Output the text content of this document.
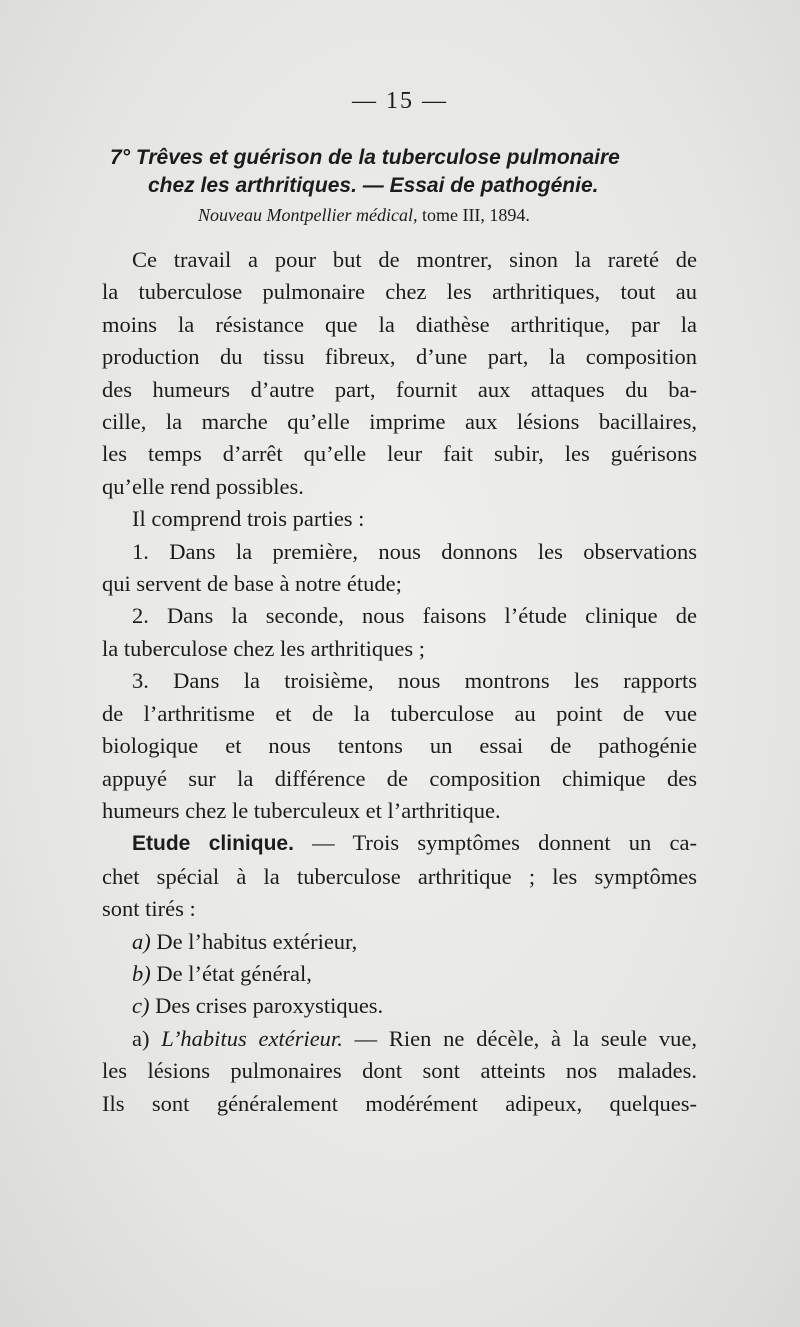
— 15 —
7° Trêves et guérison de la tuberculose pulmonaire
chez les arthritiques. — Essai de pathogénie.
Nouveau Montpellier médical, tome III, 1894.

Ce travail a pour but de montrer, sinon la rareté de

la tuberculose pulmonaire chez les arthritiques, tout au

moins la résistance que la diathèse arthritique, par la

production du tissu fibreux, d’une part, la composition

des humeurs d’autre part, fournit aux attaques du ba-

cille, la marche qu’elle imprime aux lésions bacillaires,

les temps d’arrêt qu’elle leur fait subir, les guérisons

qu’elle rend possibles.

Il comprend trois parties :

1. Dans la première, nous donnons les observations

qui servent de base à notre étude;

2. Dans la seconde, nous faisons l’étude clinique de

la tuberculose chez les arthritiques ;

3. Dans la troisième, nous montrons les rapports

de l’arthritisme et de la tuberculose au point de vue

biologique et nous tentons un essai de pathogénie

appuyé sur la différence de composition chimique des

humeurs chez le tuberculeux et l’arthritique.

Etude clinique. — Trois symptômes donnent un ca-

chet spécial à la tuberculose arthritique ; les symptômes

sont tirés :

a) De l’habitus extérieur,

b) De l’état général,

c) Des crises paroxystiques.

a) L’habitus extérieur. — Rien ne décèle, à la seule vue,

les lésions pulmonaires dont sont atteints nos malades.

Ils sont généralement modérément adipeux, quelques-
